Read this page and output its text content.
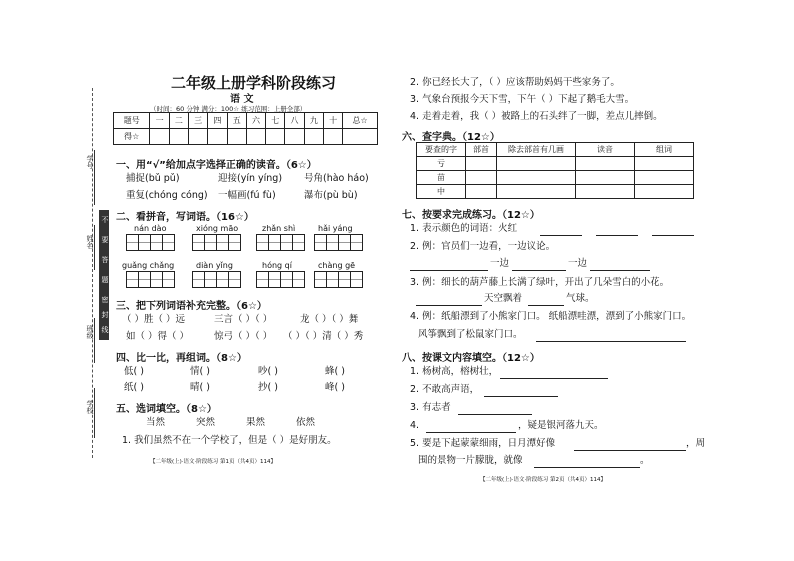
学号
姓名
班级
学校
不
要
答
题
密
封
线
二年级上册学科阶段练习
语 文
（时间：60 分钟 满分：100☆ 练习范围：上册全部）
题号	一	二	三	四	五	六	七	八	九	十	总☆
得☆											
一、用“√”给加点字选择正确的读音。（6☆）
捕捉(bǔ pǔ)	迎接(yín yíng) 号角(hào háo)
重复(chóng cóng) 一幅画(fú fù)	瀑布(pù bù)
二、看拼音，写词语。（16☆）
nán dào	xióng māo	zhǎn shì	hǎi yáng
guǎng chǎng	diàn yǐng	hóng qí	chàng gē
三、把下列词语补充完整。（6☆）
（ ）胜（ ）远	三言（ ）（ ）	龙（ ）（ ）舞
如（ ）得（ ）	惊弓（ ）（ ） （ ）（ ）清（ ）秀
四、比一比，再组词。（8☆）
低( )	情( )	吵( )	蜂( )
纸( )	晴( )	抄( )	峰( )
五、选词填空。（8☆）
当然	突然	果然	依然
1. 我们虽然不在一个学校了，但是（ ）是好朋友。
【二年级(上)·语文·阶段练习 第1页（共4页）114】
2. 你已经长大了，（ ）应该帮助妈妈干些家务了。
3. 气象台预报今天下雪，下午（ ）下起了鹅毛大雪。
4. 走着走着，我（ ）被路上的石头绊了一脚，差点儿摔倒。
六、查字典。（12☆）
要查的字	部首	除去部首有几画	读音	组词
亏				
苗				
中				
七、按要求完成练习。（12☆）
1. 表示颜色的词语：火红
2. 例：官员们一边看，一边议论。
一边	一边
3. 例：细长的葫芦藤上长满了绿叶，开出了几朵雪白的小花。
天空飘着	气球。
4. 例：纸船漂到了小熊家门口。 纸船漂哇漂，漂到了小熊家门口。
风筝飘到了松鼠家门口。
八、按课文内容填空。（12☆）
1. 杨树高，榕树壮，
2. 不敢高声语，
3. 有志者
4.	，疑是银河落九天。
5. 要是下起蒙蒙细雨，日月潭好像	，周
围的景物一片朦胧，就像	。
【二年级(上)·语文·阶段练习 第2页（共4页）114】
